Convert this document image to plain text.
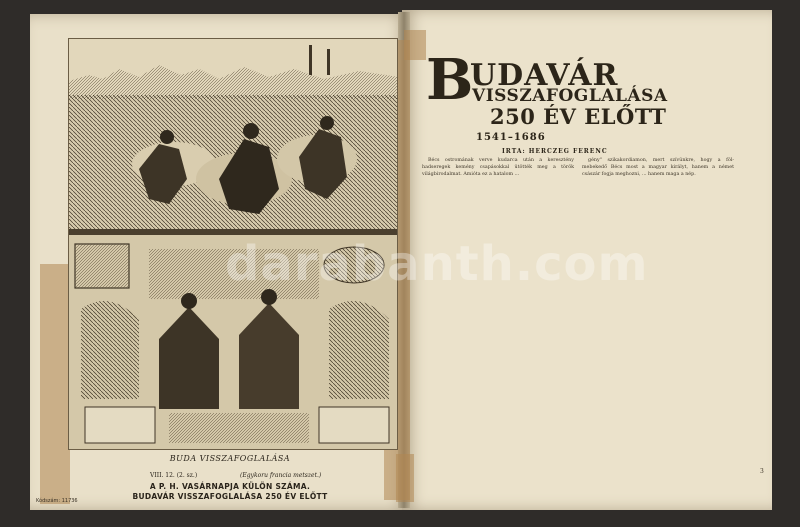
BUDA VISSZAFOGLALÁSA
VIII. 12. (2. sz.)	(Egykoru francia metszet.)
A P. H. VASÁRNAPJA KÜLÖN SZÁMA.
BUDAVÁR VISSZAFOGLALÁSA 250 ÉV ELŐTT
Kódszám: 11736
B
UDAVÁR
VISSZAFOGLALÁSA
250 ÉV ELŐTT
1541–1686
IRTA: HERCZEG FERENC

Bécs ostromának verve kudarca után a keresztény hadseregek kemény csapásokkal ütötték meg a török világbirodalmat. Amióta ez a hatalom ...

gény" szikakordiamon, mert szívünkre, hogy a föl- mebekedő Bécs most a magyar királyt, hanem a német császár fogja meghozni, ... hanem maga a nép.

3
darabanth.com
